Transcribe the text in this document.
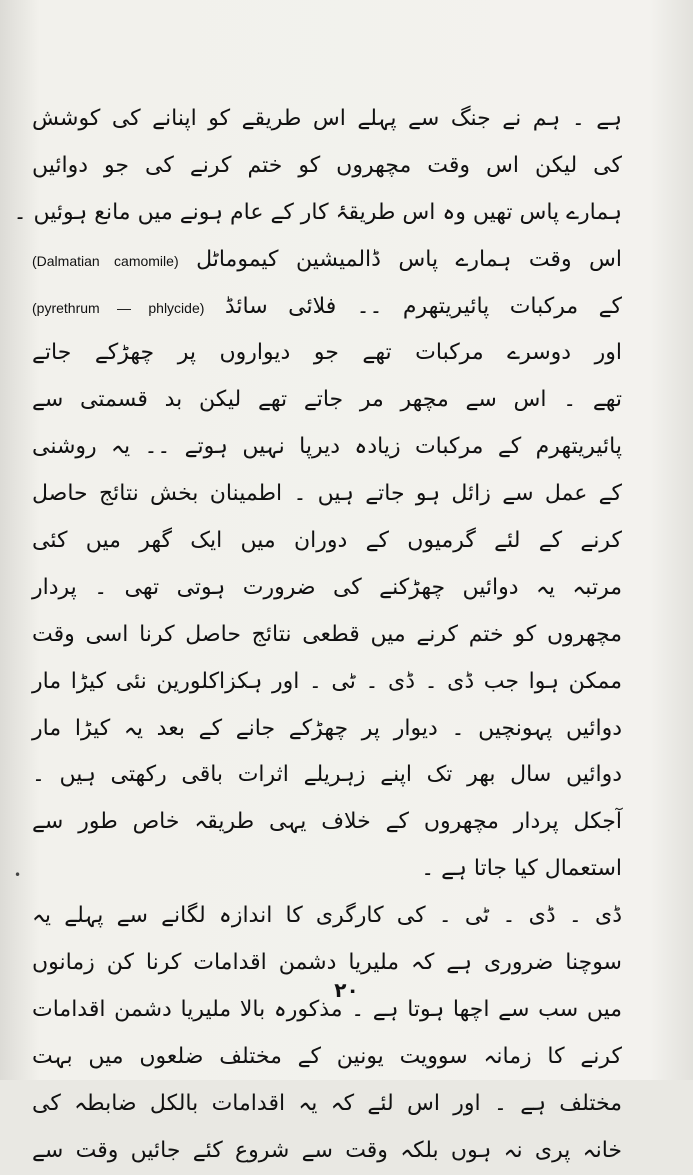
ہے ۔ ہم نے جنگ سے پہلے اس طریقے کو اپنانے کی کوشش
کی لیکن اس وقت مچھروں کو ختم کرنے کی جو دوائیں
ہمارے پاس تھیں وہ اس طریقۂ کار کے عام ہونے میں مانع ہوئیں ۔
اس وقت ہمارے پاس ڈالمیشین کیموماٹل (Dalmatian camomile)
کے مرکبات پائیریتھرم ۔۔ فلائی سائڈ (pyrethrum — phlycide)
اور دوسرے مرکبات تھے جو دیواروں پر چھڑکے جاتے
تھے ۔ اس سے مچھر مر جاتے تھے لیکن بد قسمتی سے
پائیریتھرم کے مرکبات زیادہ دیرپا نہیں ہوتے ۔۔ یہ روشنی
کے عمل سے زائل ہو جاتے ہیں ۔ اطمینان بخش نتائج حاصل
کرنے کے لئے گرمیوں کے دوران میں ایک گھر میں کئی
مرتبہ یہ دوائیں چھڑکنے کی ضرورت ہوتی تھی ۔ پردار
مچھروں کو ختم کرنے میں قطعی نتائج حاصل کرنا اسی وقت
ممکن ہوا جب ڈی ۔ ڈی ۔ ٹی ۔ اور ہکزاکلورین نئی کیڑا مار
دوائیں پہونچیں ۔ دیوار پر چھڑکے جانے کے بعد یہ کیڑا مار
دوائیں سال بھر تک اپنے زہریلے اثرات باقی رکھتی ہیں ۔
آجکل پردار مچھروں کے خلاف یہی طریقہ خاص طور سے
استعمال کیا جاتا ہے ۔
ڈی ۔ ڈی ۔ ٹی ۔ کی کارگری کا اندازہ لگانے سے پہلے یہ
سوچنا ضروری ہے کہ ملیریا دشمن اقدامات کرنا کن زمانوں
میں سب سے اچھا ہوتا ہے ۔ مذکورہ بالا ملیریا دشمن اقدامات
کرنے کا زمانہ سوویت یونین کے مختلف ضلعوں میں بہت
مختلف ہے ۔ اور اس لئے کہ یہ اقدامات بالکل ضابطہ کی
خانہ پری نہ ہوں بلکہ وقت سے شروع کئے جائیں وقت سے
•
۲۰
